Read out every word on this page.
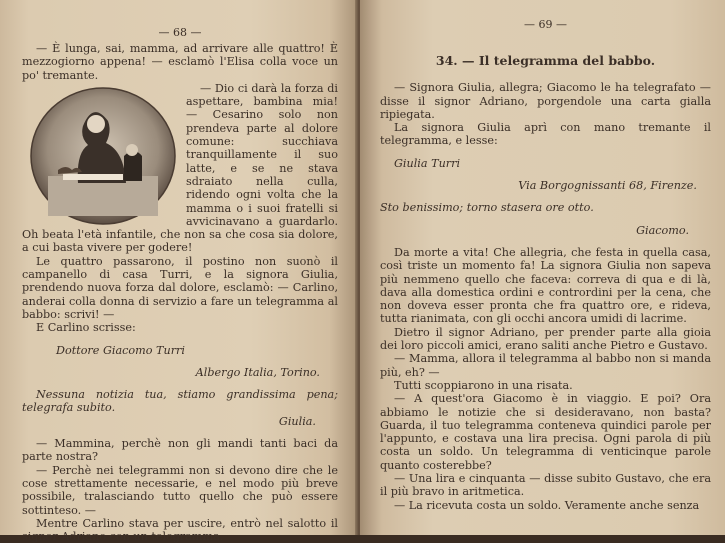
— 68 —

— È lunga, sai, mamma, ad arrivare alle quattro! È mezzogiorno appena! — esclamò l'Elisa colla voce un po' tremante.

— Dio ci darà la forza di aspettare, bambina mia! — Cesarino solo non prendeva parte al dolore comune: succhiava tranquillamente il suo latte, e se ne stava sdraiato nella culla, ridendo ogni volta che la mamma o i suoi fratelli si avvicinavano a guardarlo. Oh beata l'età infantile, che non sa che cosa sia dolore, a cui basta vivere per godere!

Le quattro passarono, il postino non suonò il campanello di casa Turri, e la signora Giulia, prendendo nuova forza dal dolore, esclamò: — Carlino, anderai colla donna di servizio a fare un telegramma al babbo: scrivi! —

E Carlino scrisse:

Dottore Giacomo Turri

Albergo Italia, Torino.

Nessuna notizia tua, stiamo grandissima pena; telegrafa subito.

Giulia.

— Mammina, perchè non gli mandi tanti baci da parte nostra?

— Perchè nei telegrammi non si devono dire che le cose strettamente necessarie, e nel modo più breve possibile, tralasciando tutto quello che può essere sottinteso. —

Mentre Carlino stava per uscire, entrò nel salotto il signor Adriano con un telegramma.

— 69 —
34. — Il telegramma del babbo.

— Signora Giulia, allegra; Giacomo le ha telegrafato — disse il signor Adriano, porgendole una carta gialla ripiegata.

La signora Giulia aprì con mano tremante il telegramma, e lesse:

Giulia Turri

Via Borgognissanti 68, Firenze.

Sto benissimo; torno stasera ore otto.

Giacomo.

Da morte a vita! Che allegria, che festa in quella casa, così triste un momento fa! La signora Giulia non sapeva più nemmeno quello che faceva: correva di qua e di là, dava alla domestica ordini e contrordini per la cena, che non doveva esser pronta che fra quattro ore, e rideva, tutta rianimata, con gli occhi ancora umidi di lacrime.

Dietro il signor Adriano, per prender parte alla gioia dei loro piccoli amici, erano saliti anche Pietro e Gustavo.

— Mamma, allora il telegramma al babbo non si manda più, eh? —

Tutti scoppiarono in una risata.

— A quest'ora Giacomo è in viaggio. E poi? Ora abbiamo le notizie che si desideravano, non basta? Guarda, il tuo telegramma conteneva quindici parole per l'appunto, e costava una lira precisa. Ogni parola di più costa un soldo. Un telegramma di venticinque parole quanto costerebbe?

— Una lira e cinquanta — disse subito Gustavo, che era il più bravo in aritmetica.

— La ricevuta costa un soldo. Veramente anche senza
